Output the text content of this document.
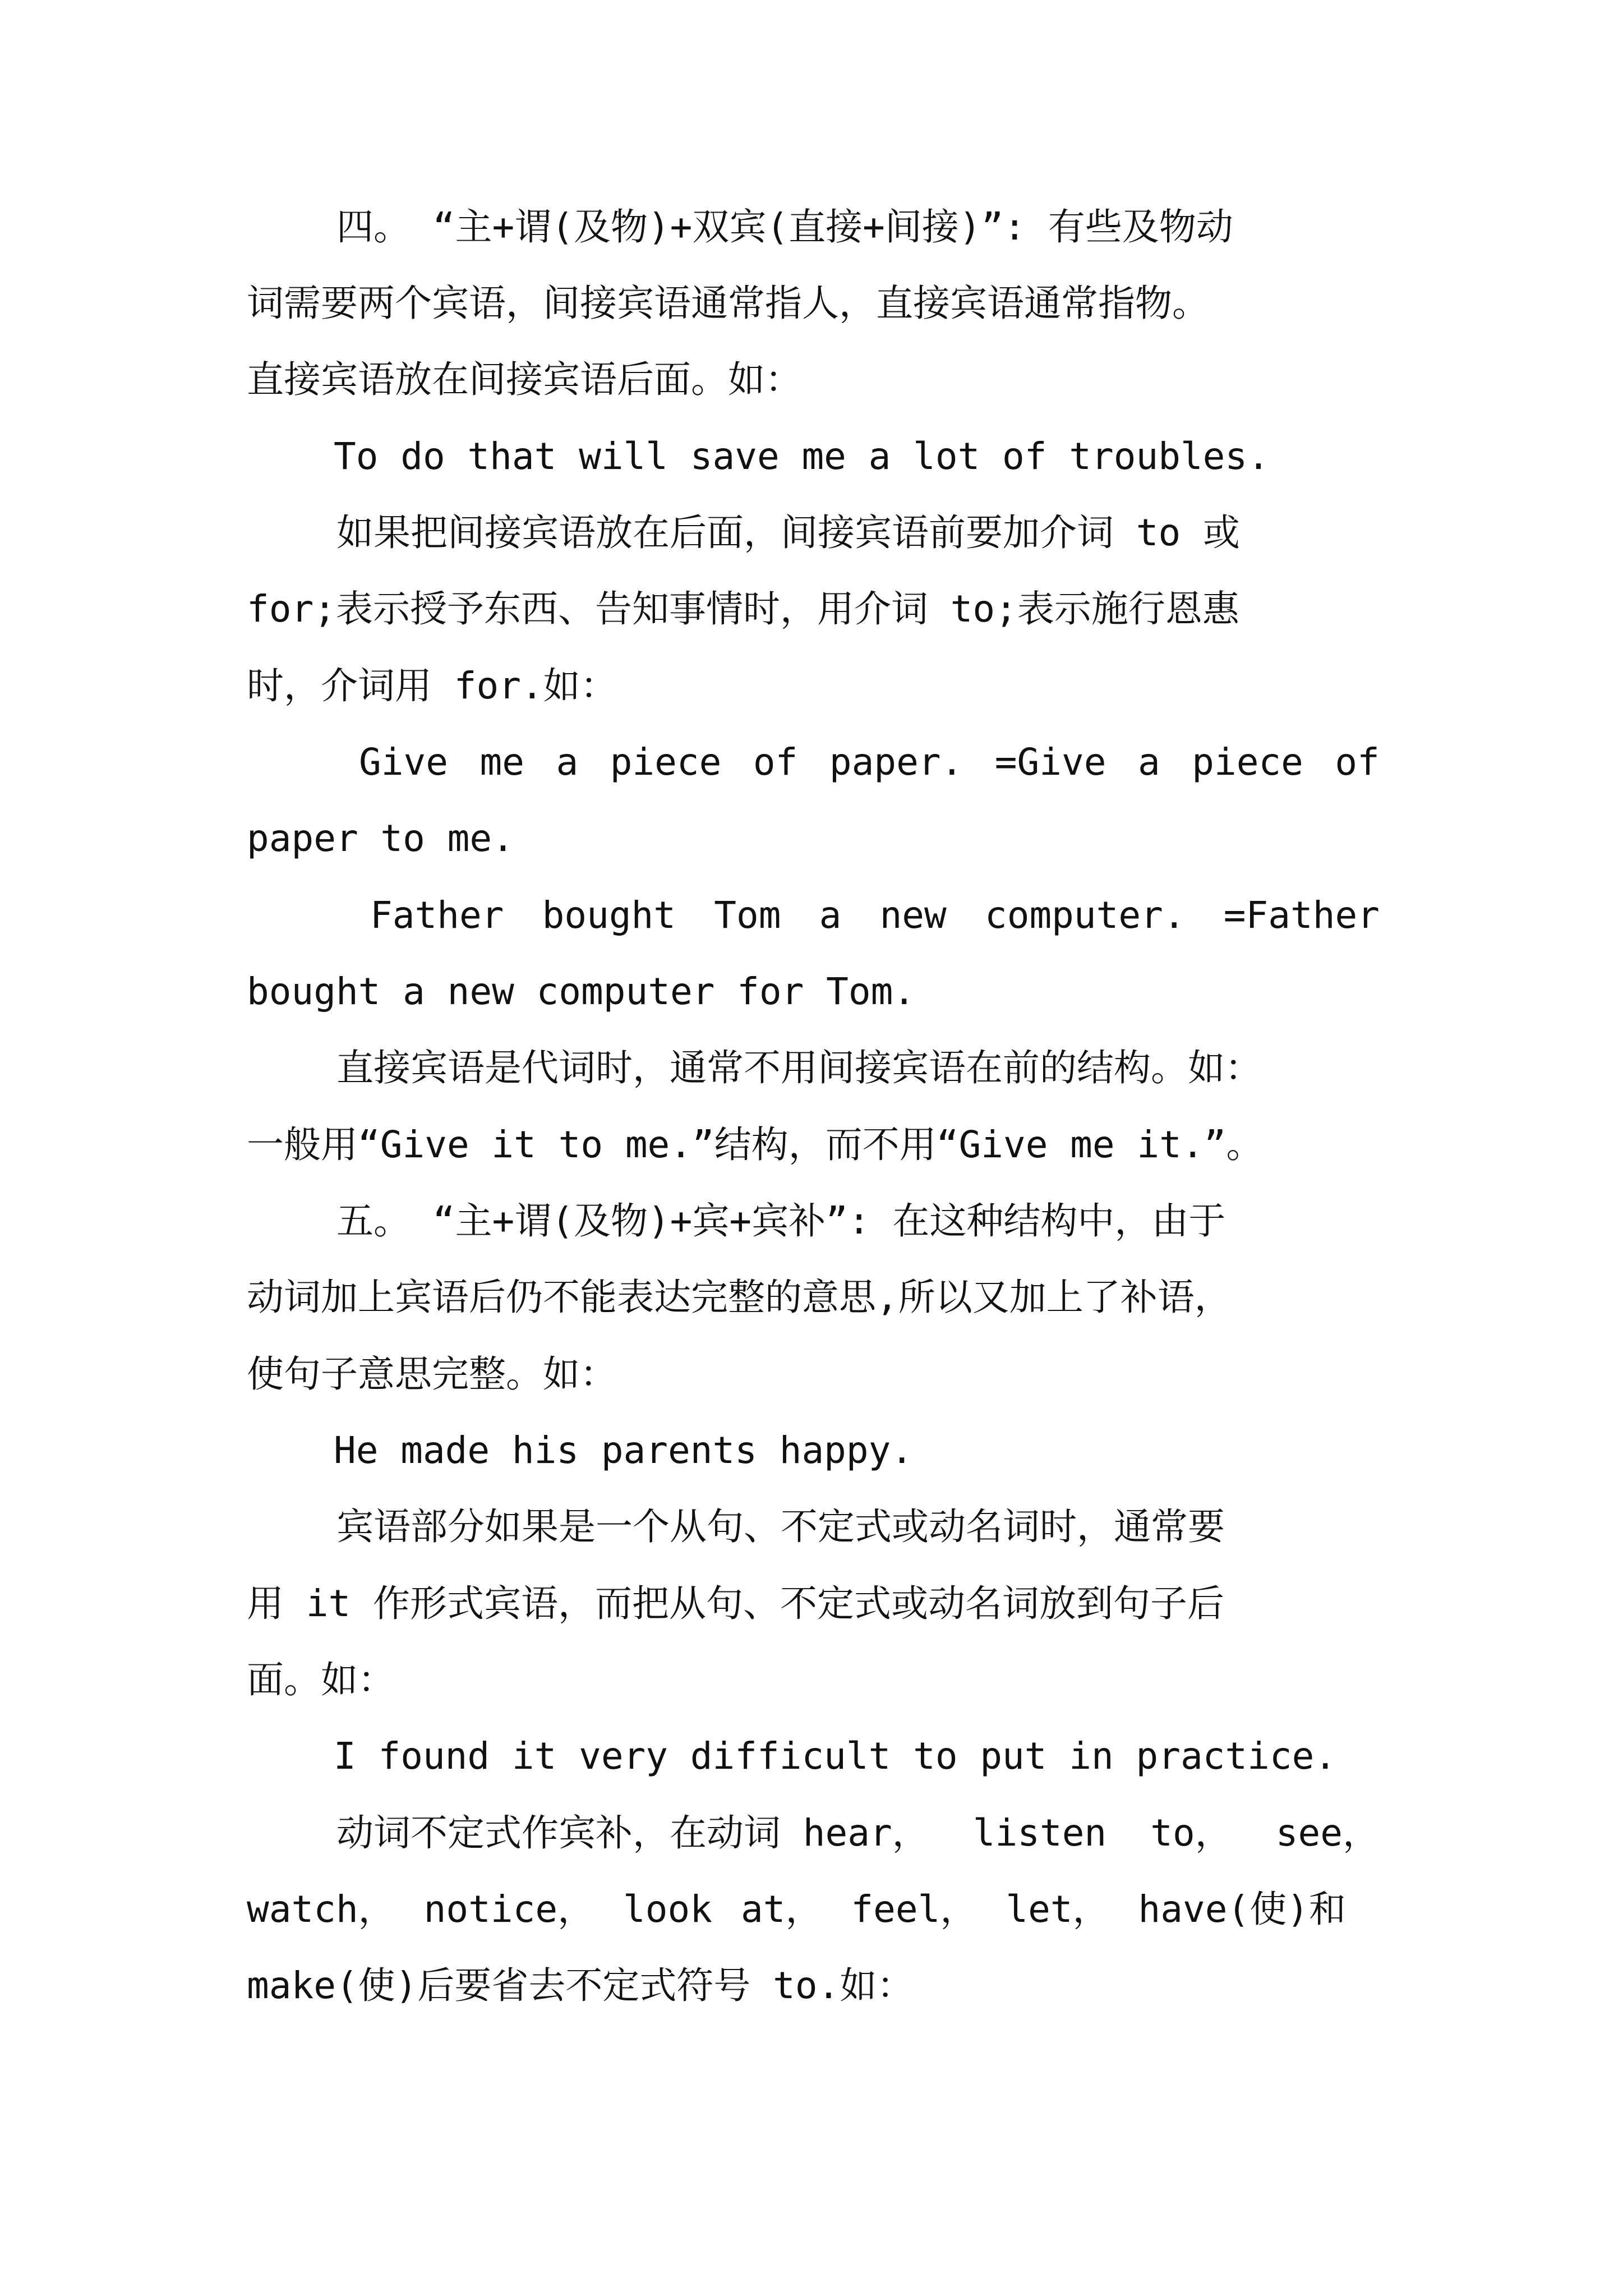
四。 “主+谓(及物)+双宾(直接+间接)”: 有些及物动
词需要两个宾语，间接宾语通常指人，直接宾语通常指物。
直接宾语放在间接宾语后面。如：
To do that will save me a lot of troubles.
如果把间接宾语放在后面，间接宾语前要加介词 to 或
for;表示授予东西、告知事情时，用介词 to;表示施行恩惠
时，介词用 for.如：
Give me a piece of paper. =Give a piece of
paper to me.
Father bought Tom a new computer. =Father
bought a new computer for Tom.
直接宾语是代词时，通常不用间接宾语在前的结构。如：
一般用“Give it to me.”结构，而不用“Give me it.”。
五。 “主+谓(及物)+宾+宾补”: 在这种结构中，由于
动词加上宾语后仍不能表达完整的意思,所以又加上了补语，
使句子意思完整。如：
He made his parents happy.
宾语部分如果是一个从句、不定式或动名词时，通常要
用 it 作形式宾语，而把从句、不定式或动名词放到句子后
面。如：
I found it very difficult to put in practice.
动词不定式作宾补，在动词 hear， listen to， see，
watch， notice， look at， feel， let， have(使)和
make(使)后要省去不定式符号 to.如：
